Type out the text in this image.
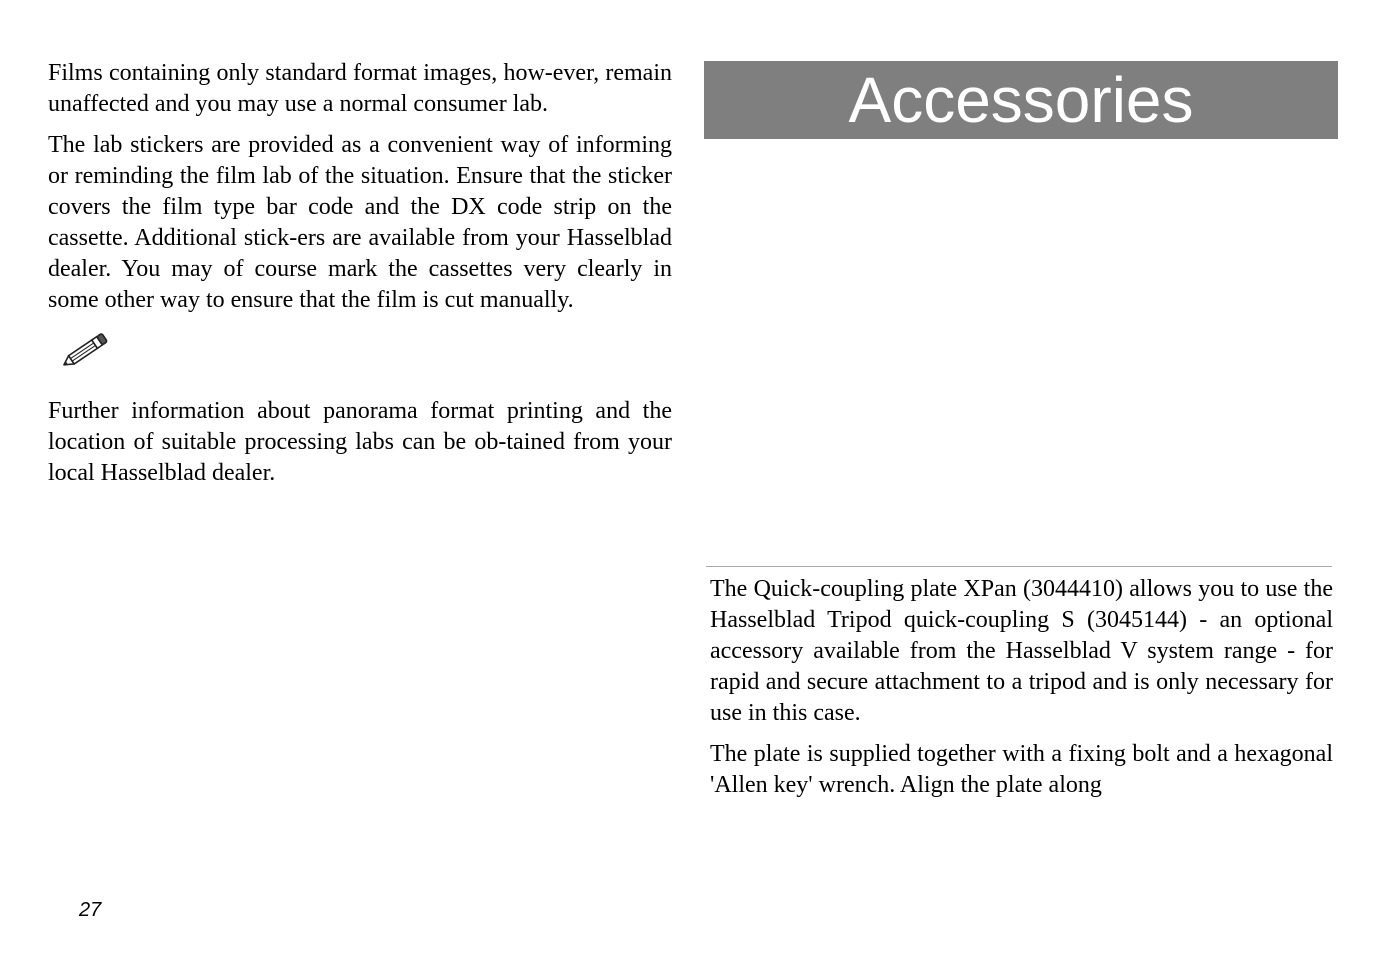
Films containing only standard format images, how-ever, remain unaffected and you may use a normal consumer lab.

The lab stickers are provided as a convenient way of informing or reminding the film lab of the situation. Ensure that the sticker covers the film type bar code and the DX code strip on the cassette. Additional stick-ers are available from your Hasselblad dealer. You may of course mark the cassettes very clearly in some other way to ensure that the film is cut manually.

Further information about panorama format printing and the location of suitable processing labs can be ob-tained from your local Hasselblad dealer.

Accessories

The Quick-coupling plate XPan (3044410) allows you to use the Hasselblad Tripod quick-coupling S (3045144) - an optional accessory available from the Hasselblad V system range - for rapid and secure attachment to a tripod and is only necessary for use in this case.

The plate is supplied together with a fixing bolt and a hexagonal 'Allen key' wrench. Align the plate along

27
